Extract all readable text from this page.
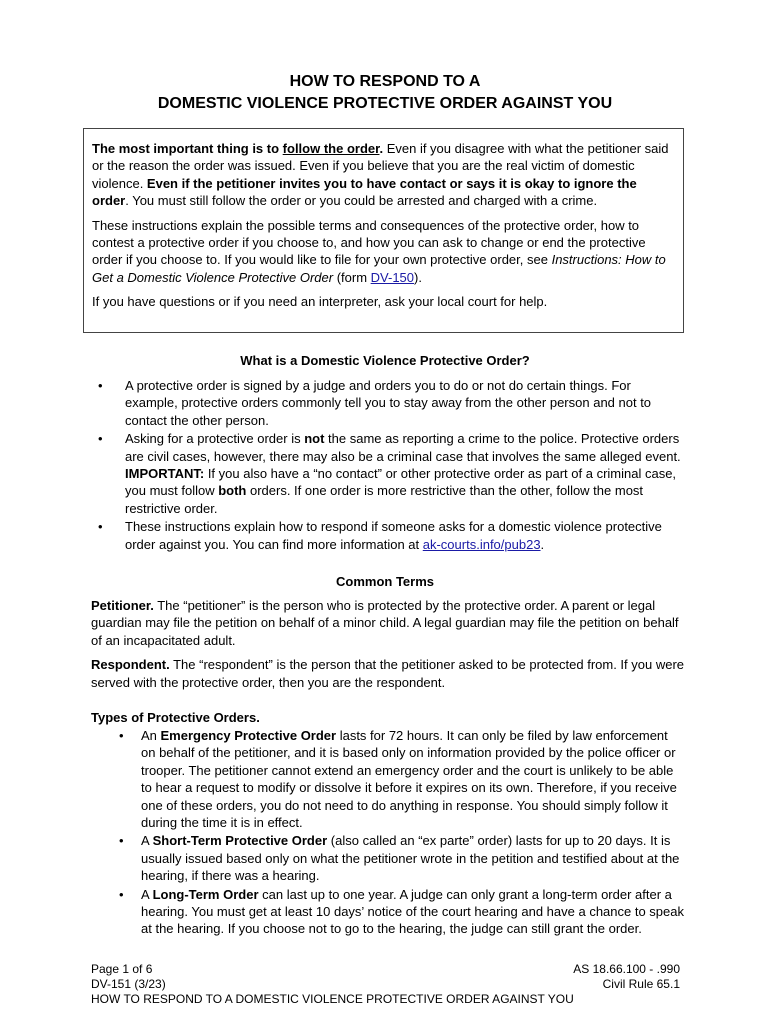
HOW TO RESPOND TO A
DOMESTIC VIOLENCE PROTECTIVE ORDER AGAINST YOU

The most important thing is to follow the order. Even if you disagree with what the petitioner said or the reason the order was issued. Even if you believe that you are the real victim of domestic violence. Even if the petitioner invites you to have contact or says it is okay to ignore the order. You must still follow the order or you could be arrested and charged with a crime.

These instructions explain the possible terms and consequences of the protective order, how to contest a protective order if you choose to, and how you can ask to change or end the protective order if you choose to. If you would like to file for your own protective order, see Instructions: How to Get a Domestic Violence Protective Order (form DV-150).

If you have questions or if you need an interpreter, ask your local court for help.

What is a Domestic Violence Protective Order?
• A protective order is signed by a judge and orders you to do or not do certain things. For example, protective orders commonly tell you to stay away from the other person and not to contact the other person.
• Asking for a protective order is not the same as reporting a crime to the police. Protective orders are civil cases, however, there may also be a criminal case that involves the same alleged event. IMPORTANT: If you also have a “no contact” or other protective order as part of a criminal case, you must follow both orders. If one order is more restrictive than the other, follow the most restrictive order.
• These instructions explain how to respond if someone asks for a domestic violence protective order against you. You can find more information at ak-courts.info/pub23.
Common Terms

Petitioner. The “petitioner” is the person who is protected by the protective order. A parent or legal guardian may file the petition on behalf of a minor child. A legal guardian may file the petition on behalf of an incapacitated adult.

Respondent. The “respondent” is the person that the petitioner asked to be protected from. If you were served with the protective order, then you are the respondent.

Types of Protective Orders.
• An Emergency Protective Order lasts for 72 hours. It can only be filed by law enforcement on behalf of the petitioner, and it is based only on information provided by the police officer or trooper. The petitioner cannot extend an emergency order and the court is unlikely to be able to hear a request to modify or dissolve it before it expires on its own. Therefore, if you receive one of these orders, you do not need to do anything in response. You should simply follow it during the time it is in effect.
• A Short-Term Protective Order (also called an “ex parte” order) lasts for up to 20 days. It is usually issued based only on what the petitioner wrote in the petition and testified about at the hearing, if there was a hearing.
• A Long-Term Order can last up to one year. A judge can only grant a long-term order after a hearing. You must get at least 10 days’ notice of the court hearing and have a chance to speak at the hearing. If you choose not to go to the hearing, the judge can still grant the order.
Page 1 of 6
DV-151 (3/23)
HOW TO RESPOND TO A DOMESTIC VIOLENCE PROTECTIVE ORDER AGAINST YOU
AS 18.66.100 - .990
Civil Rule 65.1
